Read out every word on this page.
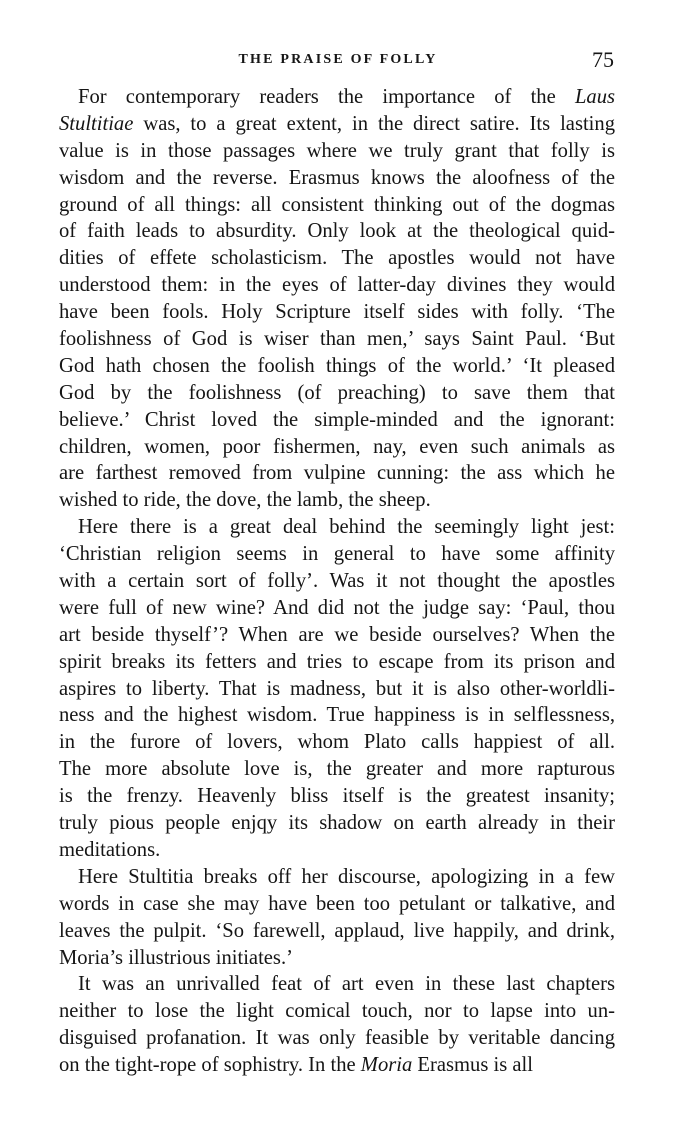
THE PRAISE OF FOLLY	75
For contemporary readers the importance of the Laus
Stultitiae was, to a great extent, in the direct satire. Its lasting
value is in those passages where we truly grant that folly is
wisdom and the reverse. Erasmus knows the aloofness of the
ground of all things: all consistent thinking out of the dogmas
of faith leads to absurdity. Only look at the theological quid-
dities of effete scholasticism. The apostles would not have
understood them: in the eyes of latter-day divines they would
have been fools. Holy Scripture itself sides with folly. ‘The
foolishness of God is wiser than men,’ says Saint Paul. ‘But
God hath chosen the foolish things of the world.’ ‘It pleased
God by the foolishness (of preaching) to save them that
believe.’ Christ loved the simple-minded and the ignorant:
children, women, poor fishermen, nay, even such animals as
are farthest removed from vulpine cunning: the ass which he
wished to ride, the dove, the lamb, the sheep.
Here there is a great deal behind the seemingly light jest:
‘Christian religion seems in general to have some affinity
with a certain sort of folly’. Was it not thought the apostles
were full of new wine? And did not the judge say: ‘Paul, thou
art beside thyself’? When are we beside ourselves? When the
spirit breaks its fetters and tries to escape from its prison and
aspires to liberty. That is madness, but it is also other-worldli-
ness and the highest wisdom. True happiness is in selflessness,
in the furore of lovers, whom Plato calls happiest of all.
The more absolute love is, the greater and more rapturous
is the frenzy. Heavenly bliss itself is the greatest insanity;
truly pious people enjqy its shadow on earth already in their
meditations.
Here Stultitia breaks off her discourse, apologizing in a few
words in case she may have been too petulant or talkative, and
leaves the pulpit. ‘So farewell, applaud, live happily, and drink,
Moria’s illustrious initiates.’
It was an unrivalled feat of art even in these last chapters
neither to lose the light comical touch, nor to lapse into un-
disguised profanation. It was only feasible by veritable dancing
on the tight-rope of sophistry. In the Moria Erasmus is all
